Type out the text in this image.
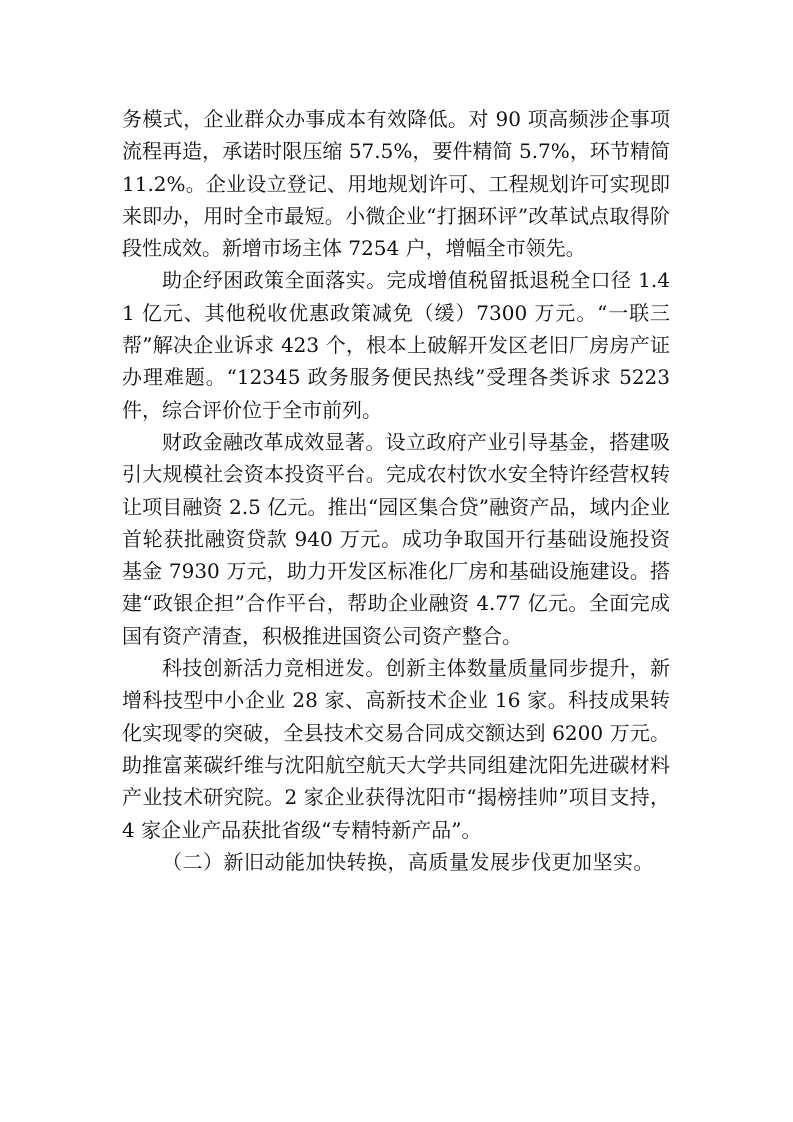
务模式，企业群众办事成本有效降低。对 90 项高频涉企事项流程再造，承诺时限压缩 57.5%，要件精简 5.7%，环节精简 11.2%。企业设立登记、用地规划许可、工程规划许可实现即来即办，用时全市最短。小微企业“打捆环评”改革试点取得阶段性成效。新增市场主体 7254 户，增幅全市领先。

助企纾困政策全面落实。完成增值税留抵退税全口径 1.41 亿元、其他税收优惠政策减免（缓）7300 万元。“一联三帮”解决企业诉求 423 个，根本上破解开发区老旧厂房房产证办理难题。“12345 政务服务便民热线”受理各类诉求 5223 件，综合评价位于全市前列。

财政金融改革成效显著。设立政府产业引导基金，搭建吸引大规模社会资本投资平台。完成农村饮水安全特许经营权转让项目融资 2.5 亿元。推出“园区集合贷”融资产品，域内企业首轮获批融资贷款 940 万元。成功争取国开行基础设施投资基金 7930 万元，助力开发区标准化厂房和基础设施建设。搭建“政银企担”合作平台，帮助企业融资 4.77 亿元。全面完成国有资产清查，积极推进国资公司资产整合。

科技创新活力竞相迸发。创新主体数量质量同步提升，新增科技型中小企业 28 家、高新技术企业 16 家。科技成果转化实现零的突破，全县技术交易合同成交额达到 6200 万元。助推富莱碳纤维与沈阳航空航天大学共同组建沈阳先进碳材料产业技术研究院。2 家企业获得沈阳市“揭榜挂帅”项目支持，4 家企业产品获批省级“专精特新产品”。

（二）新旧动能加快转换，高质量发展步伐更加坚实。
